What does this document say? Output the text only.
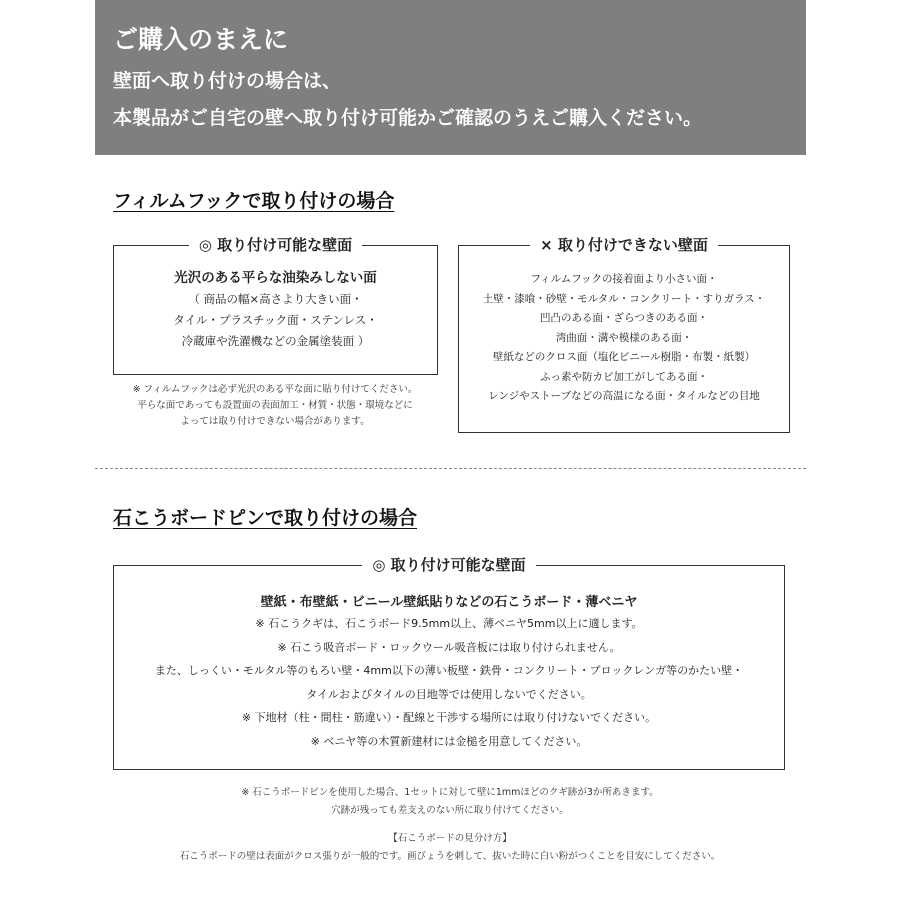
ご購入のまえに
壁面へ取り付けの場合は、
本製品がご自宅の壁へ取り付け可能かご確認のうえご購入ください。
フィルムフックで取り付けの場合
◎ 取り付け可能な壁面
光沢のある平らな油染みしない面
（ 商品の幅×高さより大きい面・
タイル・プラスチック面・ステンレス・
冷蔵庫や洗濯機などの金属塗装面 ）
※ フィルムフックは必ず光沢のある平な面に貼り付けてください。
平らな面であっても設置面の表面加工・材質・状態・環境などに
よっては取り付けできない場合があります。
× 取り付けできない壁面
フィルムフックの接着面より小さい面・
土壁・漆喰・砂壁・モルタル・コンクリート・すりガラス・
凹凸のある面・ざらつきのある面・
湾曲面・溝や模様のある面・
壁紙などのクロス面（塩化ビニール樹脂・布製・紙製）
ふっ素や防カビ加工がしてある面・
レンジやストーブなどの高温になる面・タイルなどの目地
石こうボードピンで取り付けの場合
◎ 取り付け可能な壁面
壁紙・布壁紙・ビニール壁紙貼りなどの石こうボード・薄ベニヤ
※ 石こうクギは、石こうボード9.5mm以上、薄ベニヤ5mm以上に適します。
※ 石こう吸音ボード・ロックウール吸音板には取り付けられません。
また、しっくい・モルタル等のもろい壁・4mm以下の薄い板壁・鉄骨・コンクリート・ブロックレンガ等のかたい壁・
タイルおよびタイルの目地等では使用しないでください。
※ 下地材（柱・間柱・筋違い）・配線と干渉する場所には取り付けないでください。
※ ベニヤ等の木質新建材には金槌を用意してください。
※ 石こうボードピンを使用した場合、1セットに対して壁に1mmほどのクギ跡が3か所あきます。
穴跡が残っても差支えのない所に取り付けてください。
【石こうボードの見分け方】
石こうボードの壁は表面がクロス張りが一般的です。画びょうを刺して、抜いた時に白い粉がつくことを目安にしてください。
